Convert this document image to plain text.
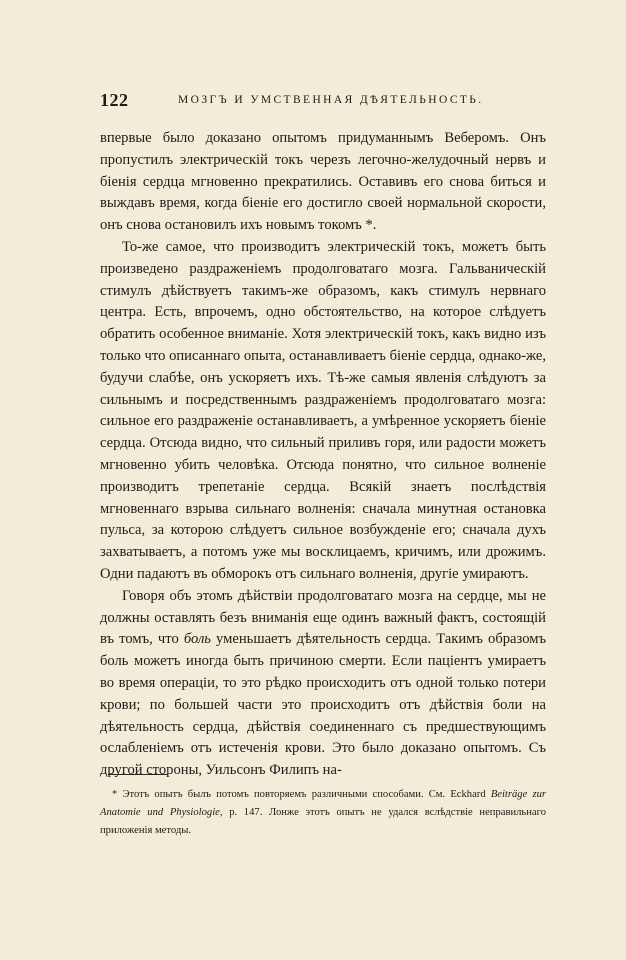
122	МОЗГЪ И УМСТВЕННАЯ ДѢЯТЕЛЬНОСТЬ.

впервые было доказано опытомъ придуманнымъ Веберомъ. Онъ пропустилъ электрическій токъ черезъ легочно-желудочный нервъ и біенія сердца мгновенно прекратились. Оставивъ его снова биться и выждавъ время, когда біеніе его достигло своей нормальной скорости, онъ снова остановилъ ихъ новымъ токомъ *.

То-же самое, что производитъ электрическій токъ, можетъ быть произведено раздраженіемъ продолговатаго мозга. Гальваническій стимулъ дѣйствуетъ такимъ-же образомъ, какъ стимулъ нервнаго центра. Есть, впрочемъ, одно обстоятельство, на которое слѣдуетъ обратить особенное вниманіе. Хотя электрическій токъ, какъ видно изъ только что описаннаго опыта, останавливаетъ біеніе сердца, однако-же, будучи слабѣе, онъ ускоряетъ ихъ. Тѣ-же самыя явленія слѣдуютъ за сильнымъ и посредственнымъ раздраженіемъ продолговатаго мозга: сильное его раздраженіе останавливаетъ, а умѣренное ускоряетъ біеніе сердца. Отсюда видно, что сильный приливъ горя, или радости можетъ мгновенно убить человѣка. Отсюда понятно, что сильное волненіе производитъ трепетаніе сердца. Всякій знаетъ послѣдствія мгновеннаго взрыва сильнаго волненія: сначала минутная остановка пульса, за которою слѣдуетъ сильное возбужденіе его; сначала духъ захватываетъ, а потомъ уже мы восклицаемъ, кричимъ, или дрожимъ. Одни падаютъ въ обморокъ отъ сильнаго волненія, другіе умираютъ.

Говоря объ этомъ дѣйствіи продолговатаго мозга на сердце, мы не должны оставлять безъ вниманія еще одинъ важный фактъ, состоящій въ томъ, что боль уменьшаетъ дѣятельность сердца. Такимъ образомъ боль можетъ иногда быть причиною смерти. Если паціентъ умираетъ во время операціи, то это рѣдко происходитъ отъ одной только потери крови; по большей части это происходитъ отъ дѣйствія боли на дѣятельность сердца, дѣйствія соединеннаго съ предшествующимъ ослабленіемъ отъ истеченія крови. Это было доказано опытомъ. Съ другой стороны, Уильсонъ Филипъ на-

* Этотъ опытъ былъ потомъ повторяемъ различными способами. См. Eckhard Beiträge zur Anatomie und Physiologie, p. 147. Лонже этотъ опытъ не удался вслѣдствіе неправильнаго приложенія методы.
